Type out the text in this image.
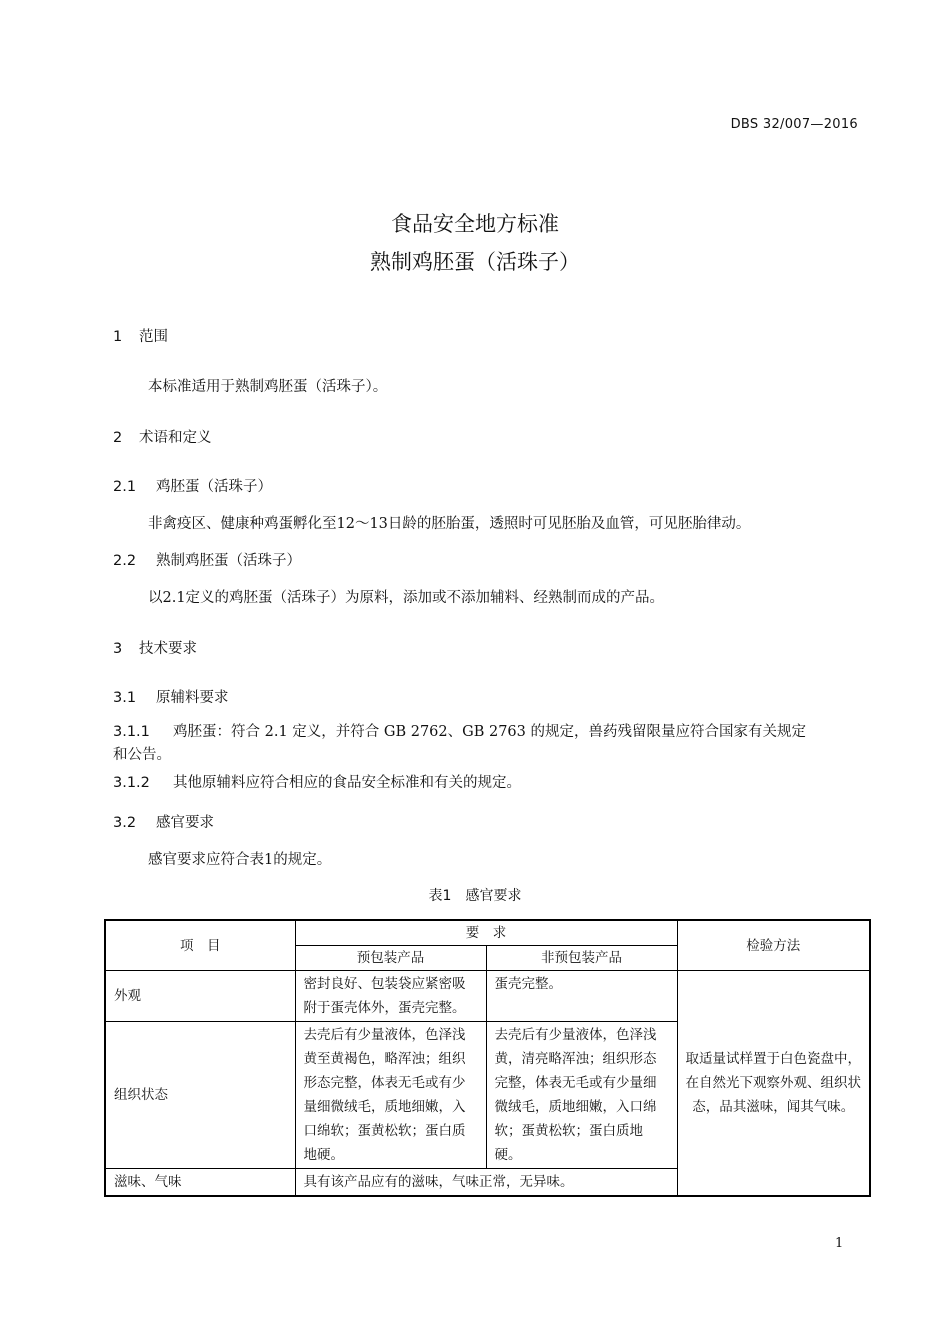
DBS 32/007—2016
食品安全地方标准
熟制鸡胚蛋（活珠子）
1 范围
本标准适用于熟制鸡胚蛋（活珠子）。
2 术语和定义
2.1 鸡胚蛋（活珠子）
非禽疫区、健康种鸡蛋孵化至12～13日龄的胚胎蛋，透照时可见胚胎及血管，可见胚胎律动。
2.2 熟制鸡胚蛋（活珠子）
以2.1定义的鸡胚蛋（活珠子）为原料，添加或不添加辅料、经熟制而成的产品。
3 技术要求
3.1 原辅料要求
3.1.1 鸡胚蛋：符合 2.1 定义，并符合 GB 2762、GB 2763 的规定，兽药残留限量应符合国家有关规定
和公告。
3.1.2 其他原辅料应符合相应的食品安全标准和有关的规定。
3.2 感官要求
感官要求应符合表1的规定。
表1　感官要求
项　目	要　求		检验方法
	预包装产品	非预包装产品	
外观	密封良好、包装袋应紧密吸附于蛋壳体外，蛋壳完整。	蛋壳完整。	取适量试样置于白色瓷盘中，在自然光下观察外观、组织状态，品其滋味，闻其气味。
组织状态	去壳后有少量液体，色泽浅黄至黄褐色，略浑浊；组织形态完整，体表无毛或有少量细微绒毛，质地细嫩，入口绵软；蛋黄松软；蛋白质地硬。	去壳后有少量液体，色泽浅黄，清亮略浑浊；组织形态完整，体表无毛或有少量细微绒毛，质地细嫩，入口绵软；蛋黄松软；蛋白质地硬。	
滋味、气味	具有该产品应有的滋味，气味正常，无异味。		
1
